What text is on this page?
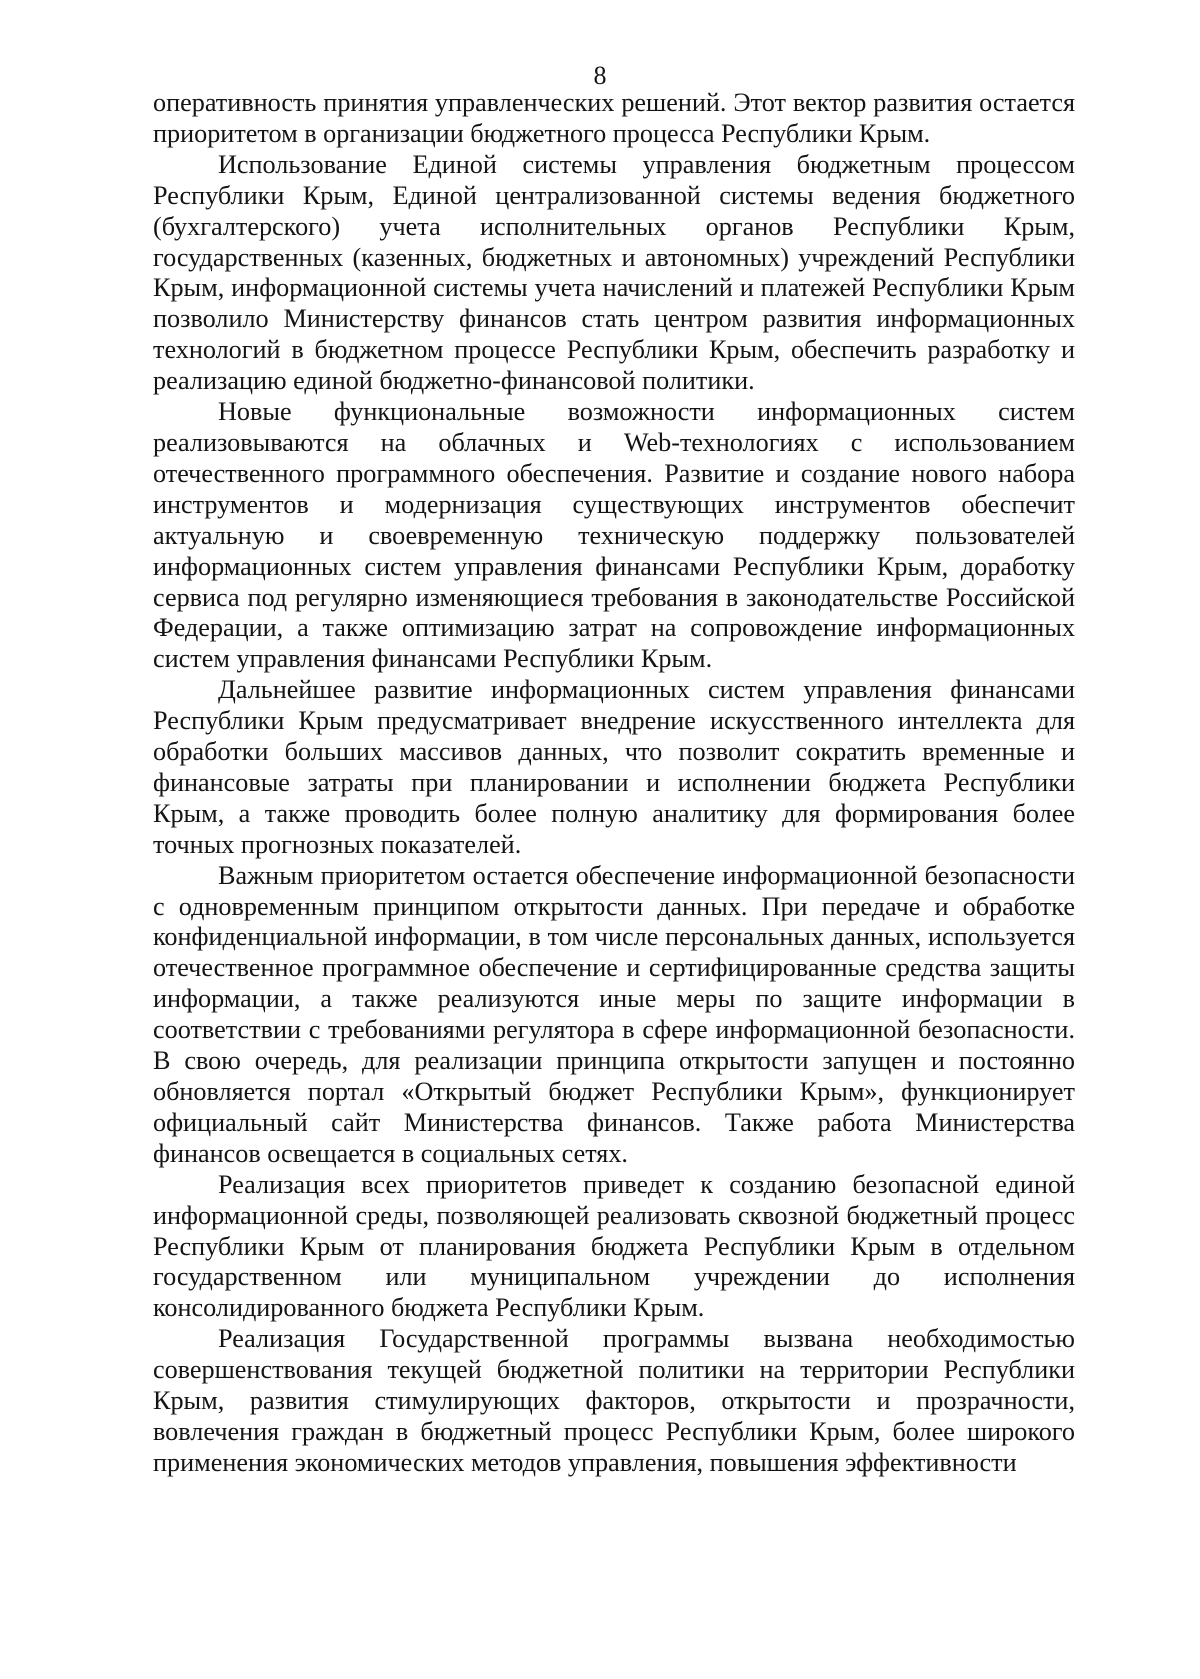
8

оперативность принятия управленческих решений. Этот вектор развития остается приоритетом в организации бюджетного процесса Республики Крым.

Использование Единой системы управления бюджетным процессом Республики Крым, Единой централизованной системы ведения бюджетного (бухгалтерского) учета исполнительных органов Республики Крым, государственных (казенных, бюджетных и автономных) учреждений Республики Крым, информационной системы учета начислений и платежей Республики Крым позволило Министерству финансов стать центром развития информационных технологий в бюджетном процессе Республики Крым, обеспечить разработку и реализацию единой бюджетно-финансовой политики.

Новые функциональные возможности информационных систем реализовываются на облачных и Web-технологиях с использованием отечественного программного обеспечения. Развитие и создание нового набора инструментов и модернизация существующих инструментов обеспечит актуальную и своевременную техническую поддержку пользователей информационных систем управления финансами Республики Крым, доработку сервиса под регулярно изменяющиеся требования в законодательстве Российской Федерации, а также оптимизацию затрат на сопровождение информационных систем управления финансами Республики Крым.

Дальнейшее развитие информационных систем управления финансами Республики Крым предусматривает внедрение искусственного интеллекта для обработки больших массивов данных, что позволит сократить временные и финансовые затраты при планировании и исполнении бюджета Республики Крым, а также проводить более полную аналитику для формирования более точных прогнозных показателей.

Важным приоритетом остается обеспечение информационной безопасности с одновременным принципом открытости данных. При передаче и обработке конфиденциальной информации, в том числе персональных данных, используется отечественное программное обеспечение и сертифицированные средства защиты информации, а также реализуются иные меры по защите информации в соответствии с требованиями регулятора в сфере информационной безопасности. В свою очередь, для реализации принципа открытости запущен и постоянно обновляется портал «Открытый бюджет Республики Крым», функционирует официальный сайт Министерства финансов. Также работа Министерства финансов освещается в социальных сетях.

Реализация всех приоритетов приведет к созданию безопасной единой информационной среды, позволяющей реализовать сквозной бюджетный процесс Республики Крым от планирования бюджета Республики Крым в отдельном государственном или муниципальном учреждении до исполнения консолидированного бюджета Республики Крым.

Реализация Государственной программы вызвана необходимостью совершенствования текущей бюджетной политики на территории Республики Крым, развития стимулирующих факторов, открытости и прозрачности, вовлечения граждан в бюджетный процесс Республики Крым, более широкого применения экономических методов управления, повышения эффективности
